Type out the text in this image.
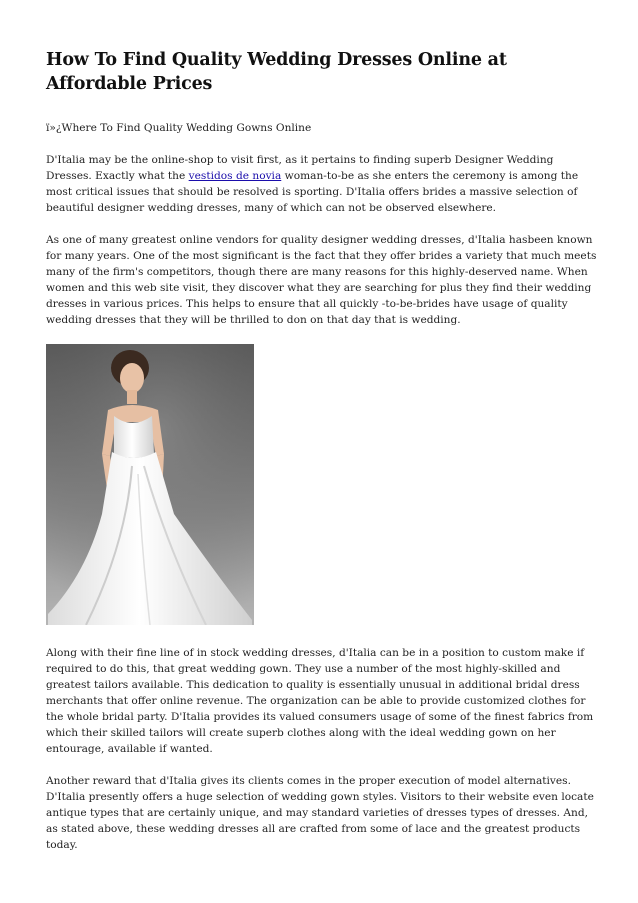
How To Find Quality Wedding Dresses Online at Affordable Prices
ï»¿Where To Find Quality Wedding Gowns Online

D'Italia may be the online-shop to visit first, as it pertains to finding superb Designer Wedding Dresses. Exactly what the vestidos de novia woman-to-be as she enters the ceremony is among the most critical issues that should be resolved is sporting. D'Italia offers brides a massive selection of beautiful designer wedding dresses, many of which can not be observed elsewhere.

As one of many greatest online vendors for quality designer wedding dresses, d'Italia hasbeen known for many years. One of the most significant is the fact that they offer brides a variety that much meets many of the firm's competitors, though there are many reasons for this highly-deserved name. When women and this web site visit, they discover what they are searching for plus they find their wedding dresses in various prices. This helps to ensure that all quickly -to-be-brides have usage of quality wedding dresses that they will be thrilled to don on that day that is wedding.

Along with their fine line of in stock wedding dresses, d'Italia can be in a position to custom make if required to do this, that great wedding gown. They use a number of the most highly-skilled and greatest tailors available. This dedication to quality is essentially unusual in additional bridal dress merchants that offer online revenue. The organization can be able to provide customized clothes for the whole bridal party. D'Italia provides its valued consumers usage of some of the finest fabrics from which their skilled tailors will create superb clothes along with the ideal wedding gown on her entourage, available if wanted.

Another reward that d'Italia gives its clients comes in the proper execution of model alternatives. D'Italia presently offers a huge selection of wedding gown styles. Visitors to their website even locate antique types that are certainly unique, and may standard varieties of dresses types of dresses. And, as stated above, these wedding dresses all are crafted from some of lace and the greatest products today.
